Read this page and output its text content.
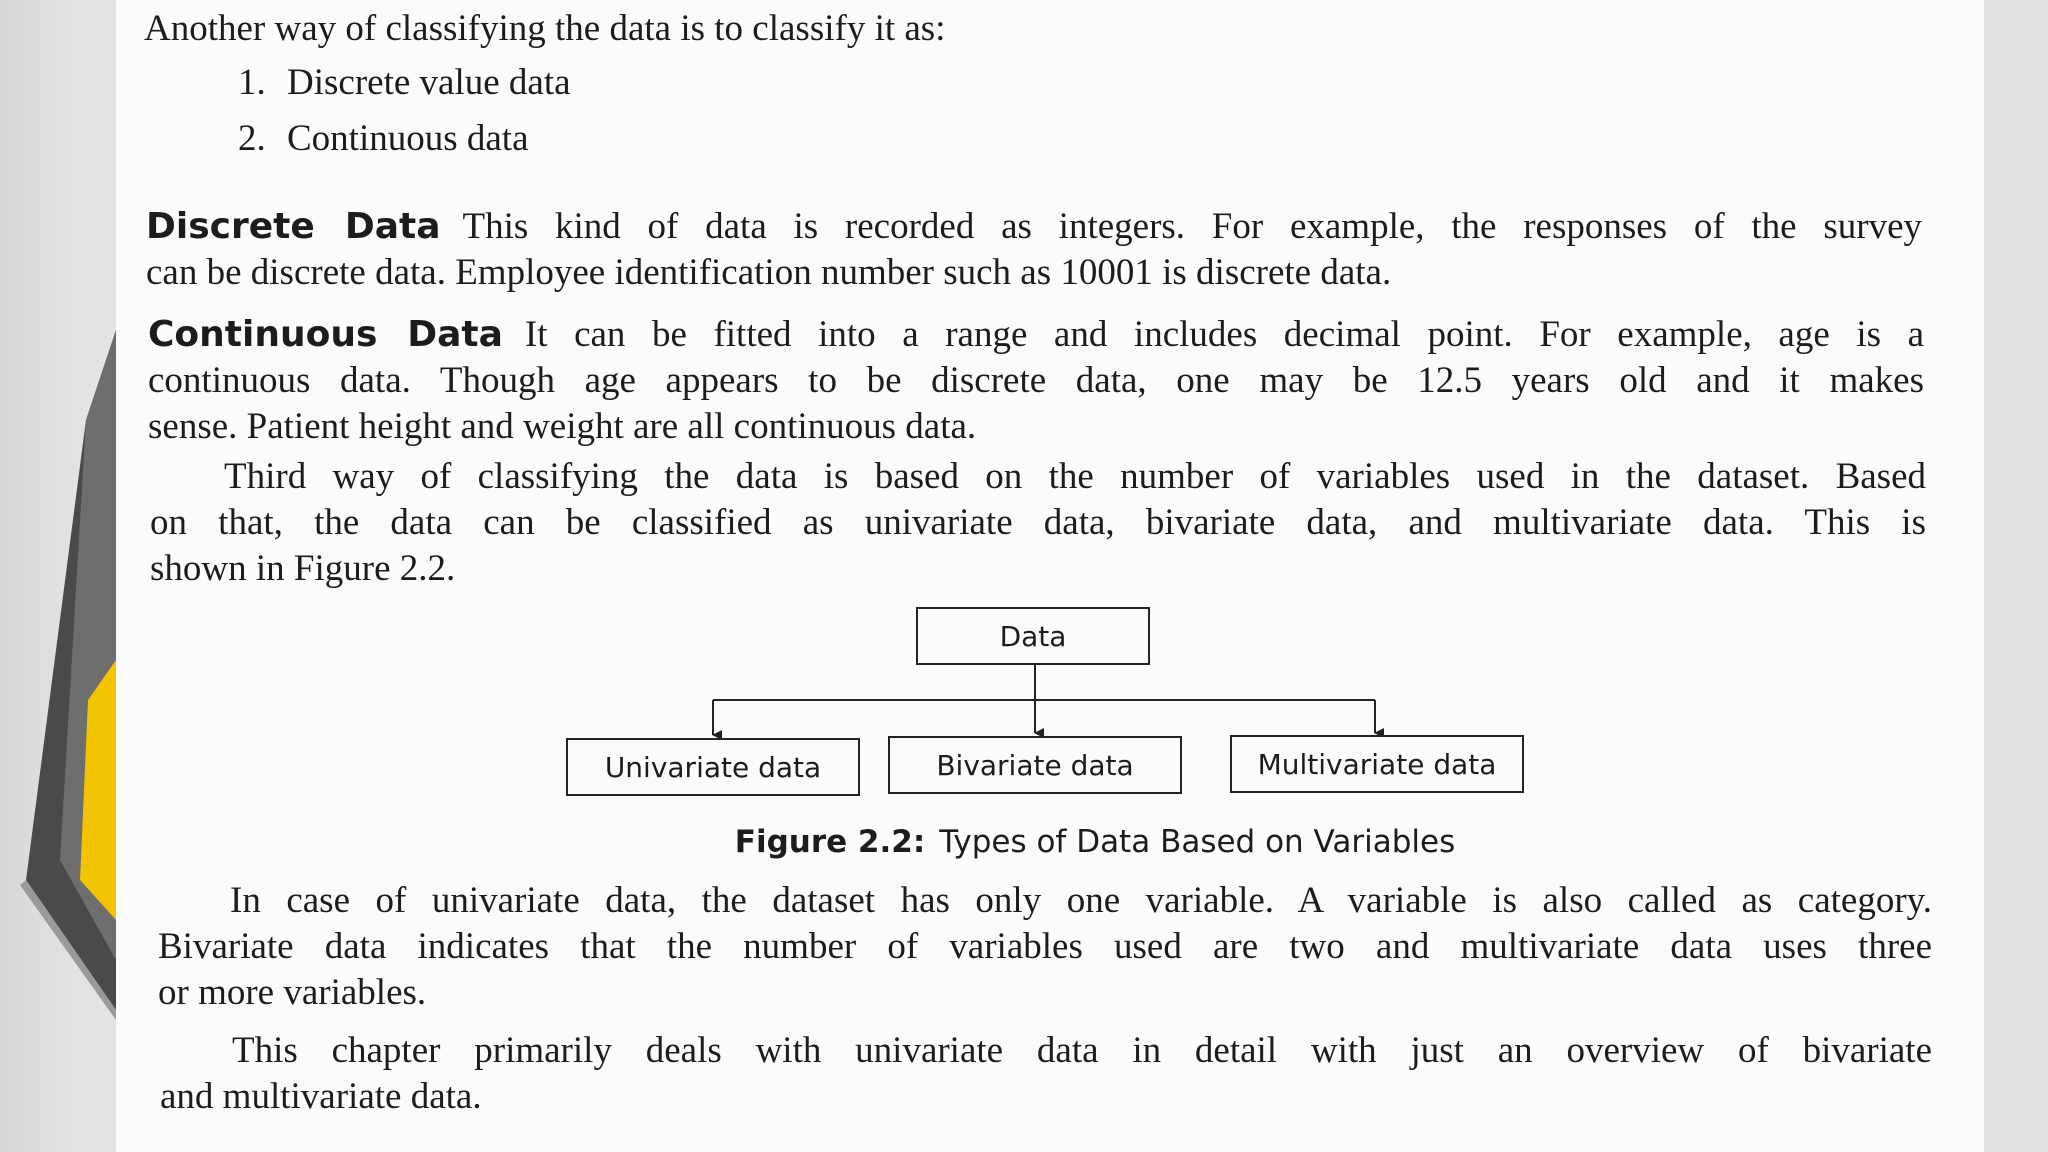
Another way of classifying the data is to classify it as:
1. Discrete value data
2. Continuous data
Discrete Data This kind of data is recorded as integers. For example, the responses of the survey
can be discrete data. Employee identification number such as 10001 is discrete data.
Continuous Data It can be fitted into a range and includes decimal point. For example, age is a
continuous data. Though age appears to be discrete data, one may be 12.5 years old and it makes
sense. Patient height and weight are all continuous data.
Third way of classifying the data is based on the number of variables used in the dataset. Based
on that, the data can be classified as univariate data, bivariate data, and multivariate data. This is
shown in Figure 2.2.
Data
Univariate data	Bivariate data	Multivariate data
Figure 2.2: Types of Data Based on Variables
In case of univariate data, the dataset has only one variable. A variable is also called as category.
Bivariate data indicates that the number of variables used are two and multivariate data uses three
or more variables.
This chapter primarily deals with univariate data in detail with just an overview of bivariate
and multivariate data.
